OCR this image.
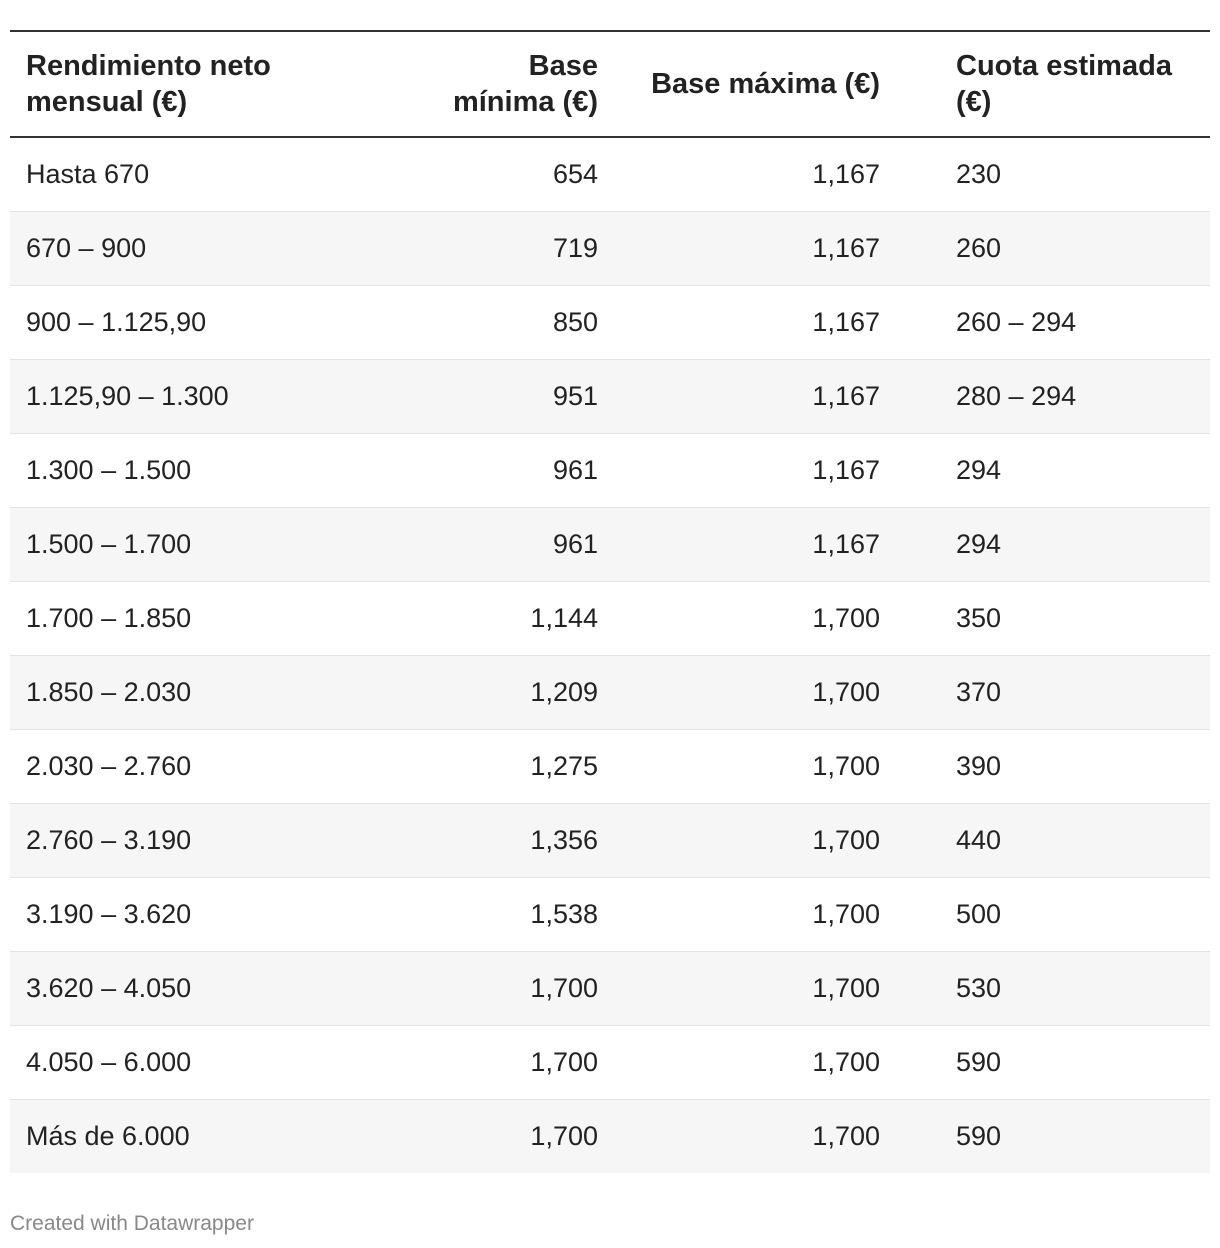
Rendimiento neto mensual (€)	Base mínima (€)	Base máxima (€)	Cuota estimada (€)
Hasta 670	654	1,167	230
670 – 900	719	1,167	260
900 – 1.125,90	850	1,167	260 – 294
1.125,90 – 1.300	951	1,167	280 – 294
1.300 – 1.500	961	1,167	294
1.500 – 1.700	961	1,167	294
1.700 – 1.850	1,144	1,700	350
1.850 – 2.030	1,209	1,700	370
2.030 – 2.760	1,275	1,700	390
2.760 – 3.190	1,356	1,700	440
3.190 – 3.620	1,538	1,700	500
3.620 – 4.050	1,700	1,700	530
4.050 – 6.000	1,700	1,700	590
Más de 6.000	1,700	1,700	590
Created with Datawrapper
